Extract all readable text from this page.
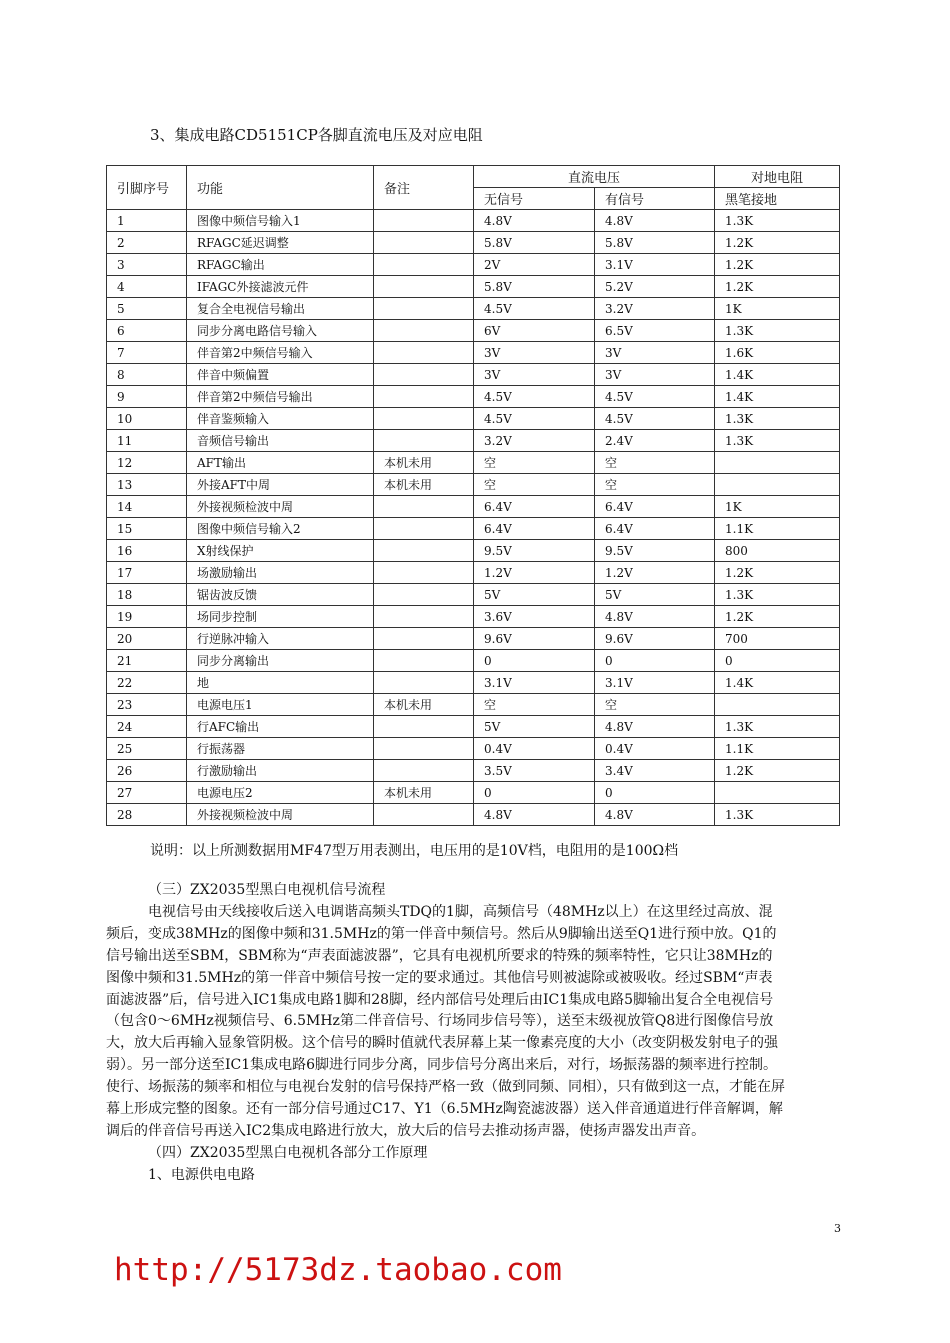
3、集成电路CD5151CP各脚直流电压及对应电阻
引脚序号	功能	备注	直流电压		对地电阻
			无信号	有信号	黑笔接地
1	图像中频信号输入1		4.8V	4.8V	1.3K
2	RFAGC延迟调整		5.8V	5.8V	1.2K
3	RFAGC输出		2V	3.1V	1.2K
4	IFAGC外接滤波元件		5.8V	5.2V	1.2K
5	复合全电视信号输出		4.5V	3.2V	1K
6	同步分离电路信号输入		6V	6.5V	1.3K
7	伴音第2中频信号输入		3V	3V	1.6K
8	伴音中频偏置		3V	3V	1.4K
9	伴音第2中频信号输出		4.5V	4.5V	1.4K
10	伴音鉴频输入		4.5V	4.5V	1.3K
11	音频信号输出		3.2V	2.4V	1.3K
12	AFT输出	本机未用	空	空	
13	外接AFT中周	本机未用	空	空	
14	外接视频检波中周		6.4V	6.4V	1K
15	图像中频信号输入2		6.4V	6.4V	1.1K
16	X射线保护		9.5V	9.5V	800
17	场激励输出		1.2V	1.2V	1.2K
18	锯齿波反馈		5V	5V	1.3K
19	场同步控制		3.6V	4.8V	1.2K
20	行逆脉冲输入		9.6V	9.6V	700
21	同步分离输出		0	0	0
22	地		3.1V	3.1V	1.4K
23	电源电压1	本机未用	空	空	
24	行AFC输出		5V	4.8V	1.3K
25	行振荡器		0.4V	0.4V	1.1K
26	行激励输出		3.5V	3.4V	1.2K
27	电源电压2	本机未用	0	0	
28	外接视频检波中周		4.8V	4.8V	1.3K
说明：以上所测数据用MF47型万用表测出，电压用的是10V档，电阻用的是100Ω档
（三）ZX2035型黑白电视机信号流程
电视信号由天线接收后送入电调谐高频头TDQ的1脚，高频信号（48MHz以上）在这里经过高放、混频后，变成38MHz的图像中频和31.5MHz的第一伴音中频信号。然后从9脚输出送至Q1进行预中放。Q1的信号输出送至SBM，SBM称为“声表面滤波器”，它具有电视机所要求的特殊的频率特性，它只让38MHz的图像中频和31.5MHz的第一伴音中频信号按一定的要求通过。其他信号则被滤除或被吸收。经过SBM“声表面滤波器”后，信号进入IC1集成电路1脚和28脚，经内部信号处理后由IC1集成电路5脚输出复合全电视信号（包含0～6MHz视频信号、6.5MHz第二伴音信号、行场同步信号等），送至末级视放管Q8进行图像信号放大，放大后再输入显象管阴极。这个信号的瞬时值就代表屏幕上某一像素亮度的大小（改变阴极发射电子的强弱）。另一部分送至IC1集成电路6脚进行同步分离，同步信号分离出来后，对行，场振荡器的频率进行控制。使行、场振荡的频率和相位与电视台发射的信号保持严格一致（做到同频、同相），只有做到这一点，才能在屏幕上形成完整的图象。还有一部分信号通过C17、Y1（6.5MHz陶瓷滤波器）送入伴音通道进行伴音解调，解调后的伴音信号再送入IC2集成电路进行放大，放大后的信号去推动扬声器，使扬声器发出声音。
（四）ZX2035型黑白电视机各部分工作原理
1、电源供电电路
3
http://5173dz.taobao.com
